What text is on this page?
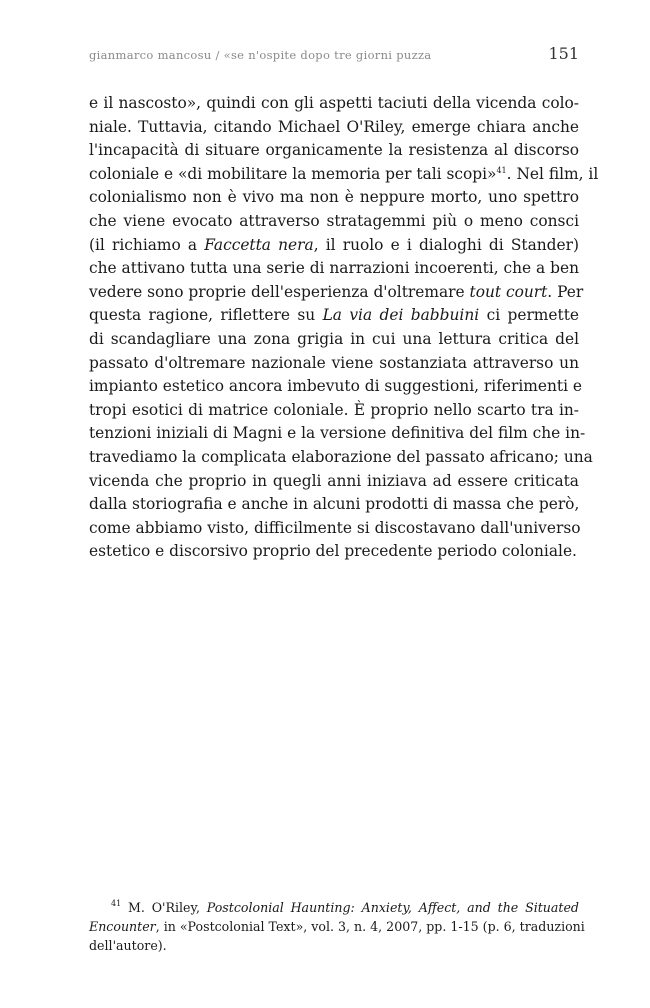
gianmarco mancosu / «se n'ospite dopo tre giorni puzza	151
e il nascosto», quindi con gli aspetti taciuti della vicenda colo-
niale. Tuttavia, citando Michael O'Riley, emerge chiara anche
l'incapacità di situare organicamente la resistenza al discorso
coloniale e «di mobilitare la memoria per tali scopi»$^{41}$. Nel film, il
colonialismo non è vivo ma non è neppure morto, uno spettro
che viene evocato attraverso stratagemmi più o meno consci
(il richiamo a Faccetta nera, il ruolo e i dialoghi di Stander)
che attivano tutta una serie di narrazioni incoerenti, che a ben
vedere sono proprie dell'esperienza d'oltremare tout court. Per
questa ragione, riflettere su La via dei babbuini ci permette
di scandagliare una zona grigia in cui una lettura critica del
passato d'oltremare nazionale viene sostanziata attraverso un
impianto estetico ancora imbevuto di suggestioni, riferimenti e
tropi esotici di matrice coloniale. È proprio nello scarto tra in-
tenzioni iniziali di Magni e la versione definitiva del film che in-
travediamo la complicata elaborazione del passato africano; una
vicenda che proprio in quegli anni iniziava ad essere criticata
dalla storiografia e anche in alcuni prodotti di massa che però,
come abbiamo visto, difficilmente si discostavano dall'universo
estetico e discorsivo proprio del precedente periodo coloniale.
$^{41}$ M. O'Riley, Postcolonial Haunting: Anxiety, Affect, and the Situated
Encounter, in «Postcolonial Text», vol. 3, n. 4, 2007, pp. 1-15 (p. 6, traduzioni
dell'autore).
